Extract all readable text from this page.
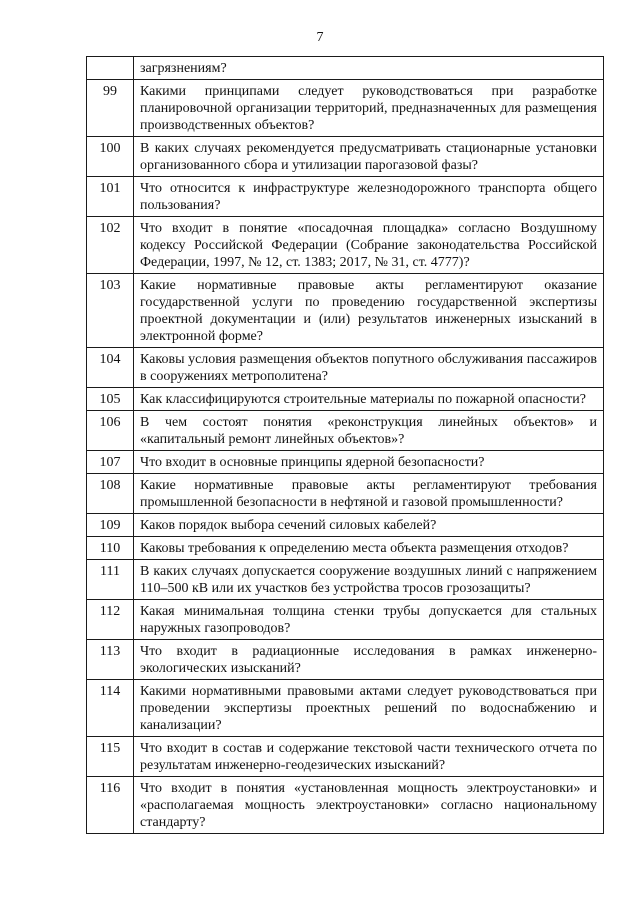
7
	загрязнениям?
99	Какими принципами следует руководствоваться при разработке планировочной организации территорий, предназначенных для размещения производственных объектов?
100	В каких случаях рекомендуется предусматривать стационарные установки организованного сбора и утилизации парогазовой фазы?
101	Что относится к инфраструктуре железнодорожного транспорта общего пользования?
102	Что входит в понятие «посадочная площадка» согласно Воздушному кодексу Российской Федерации (Собрание законодательства Российской Федерации, 1997, № 12, ст. 1383; 2017, № 31, ст. 4777)?
103	Какие нормативные правовые акты регламентируют оказание государственной услуги по проведению государственной экспертизы проектной документации и (или) результатов инженерных изысканий в электронной форме?
104	Каковы условия размещения объектов попутного обслуживания пассажиров в сооружениях метрополитена?
105	Как классифицируются строительные материалы по пожарной опасности?
106	В чем состоят понятия «реконструкция линейных объектов» и «капитальный ремонт линейных объектов»?
107	Что входит в основные принципы ядерной безопасности?
108	Какие нормативные правовые акты регламентируют требования промышленной безопасности в нефтяной и газовой промышленности?
109	Каков порядок выбора сечений силовых кабелей?
110	Каковы требования к определению места объекта размещения отходов?
111	В каких случаях допускается сооружение воздушных линий с напряжением 110–500 кВ или их участков без устройства тросов грозозащиты?
112	Какая минимальная толщина стенки трубы допускается для стальных наружных газопроводов?
113	Что входит в радиационные исследования в рамках инженерно-экологических изысканий?
114	Какими нормативными правовыми актами следует руководствоваться при проведении экспертизы проектных решений по водоснабжению и канализации?
115	Что входит в состав и содержание текстовой части технического отчета по результатам инженерно-геодезических изысканий?
116	Что входит в понятия «установленная мощность электроустановки» и «располагаемая мощность электроустановки» согласно национальному стандарту?
